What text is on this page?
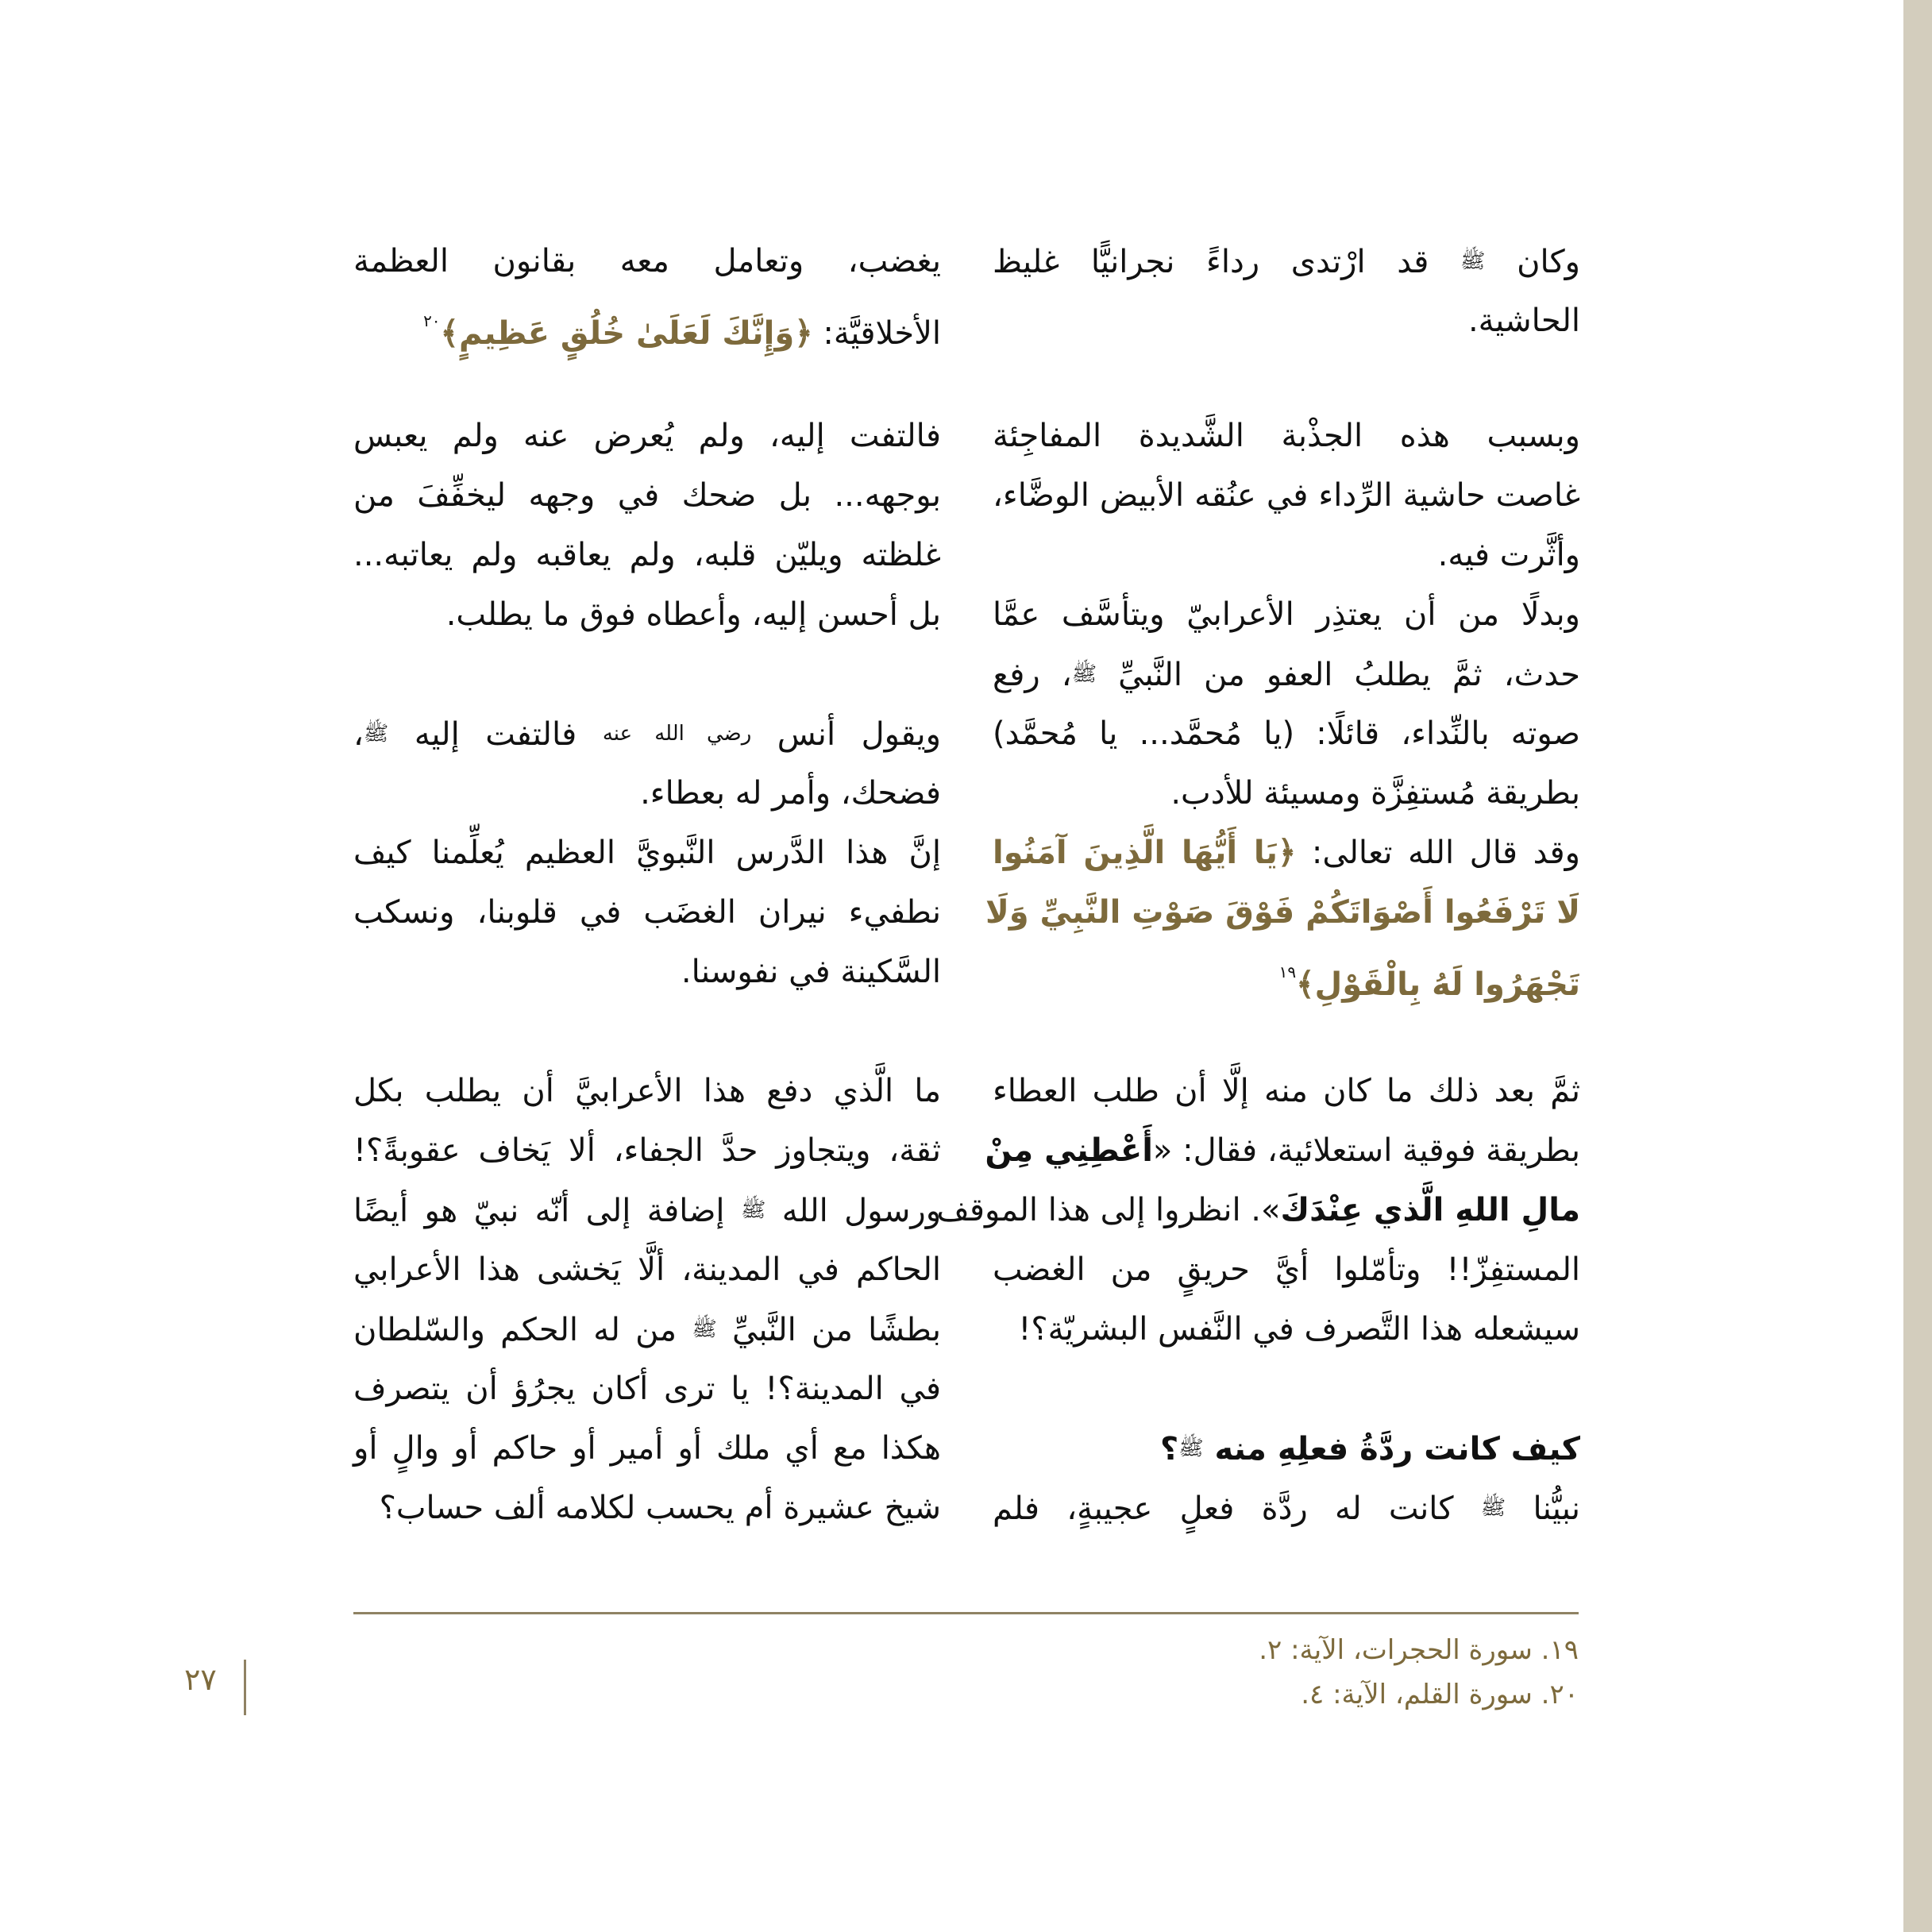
وكان ﷺ قد ارْتدى رداءً نجرانيًّا غليظ
الحاشية.
وبسبب هذه الجذْبة الشَّديدة المفاجِئة
غاصت حاشية الرِّداء في عنُقه الأبيض الوضَّاء،
وأثَّرت فيه.
وبدلًا من أن يعتذِر الأعرابيّ ويتأسَّف عمَّا
حدث، ثمَّ يطلبُ العفو من النَّبيِّ ﷺ، رفع
صوته بالنِّداء، قائلًا: (يا مُحمَّد... يا مُحمَّد)
بطريقة مُستفِزَّة ومسيئة للأدب.
وقد قال الله تعالى: ﴿يَا أَيُّهَا الَّذِينَ آمَنُوا
لَا تَرْفَعُوا أَصْوَاتَكُمْ فَوْقَ صَوْتِ النَّبِيِّ وَلَا
تَجْهَرُوا لَهُ بِالْقَوْلِ﴾$^{١٩}$
ثمَّ بعد ذلك ما كان منه إلَّا أن طلب العطاء
بطريقة فوقية استعلائية، فقال: «أَعْطِنِي مِنْ
مالِ اللهِ الَّذي عِنْدَكَ». انظروا إلى هذا الموقف
المستفِزّ!! وتأمّلوا أيَّ حريقٍ من الغضب
سيشعله هذا التَّصرف في النَّفس البشريّة؟!
كيف كانت ردَّةُ فعلِهِ منه ﷺ؟
نبيُّنا ﷺ كانت له ردَّة فعلٍ عجيبةٍ، فلم
يغضب، وتعامل معه بقانون العظمة
الأخلاقيَّة: ﴿وَإِنَّكَ لَعَلَىٰ خُلُقٍ عَظِيمٍ﴾$^{٢٠}$
فالتفت إليه، ولم يُعرض عنه ولم يعبس
بوجهه... بل ضحك في وجهه ليخفِّفَ من
غلظته ويليّن قلبه، ولم يعاقبه ولم يعاتبه...
بل أحسن إليه، وأعطاه فوق ما يطلب.
ويقول أنس رضي الله عنه فالتفت إليه ﷺ،
فضحك، وأمر له بعطاء.
إنَّ هذا الدَّرس النَّبويَّ العظيم يُعلِّمنا كيف
نطفيء نيران الغضَب في قلوبنا، ونسكب
السَّكينة في نفوسنا.
ما الَّذي دفع هذا الأعرابيَّ أن يطلب بكل
ثقة، ويتجاوز حدَّ الجفاء، ألا يَخاف عقوبةً؟!
ورسول الله ﷺ إضافة إلى أنّه نبيّ هو أيضًا
الحاكم في المدينة، ألَّا يَخشى هذا الأعرابي
بطشًا من النَّبيِّ ﷺ من له الحكم والسّلطان
في المدينة؟! يا ترى أكان يجرُؤ أن يتصرف
هكذا مع أي ملك أو أمير أو حاكم أو والٍ أو
شيخ عشيرة أم يحسب لكلامه ألف حساب؟
١٩. سورة الحجرات، الآية: ٢.
٢٠. سورة القلم، الآية: ٤.
٢٧
